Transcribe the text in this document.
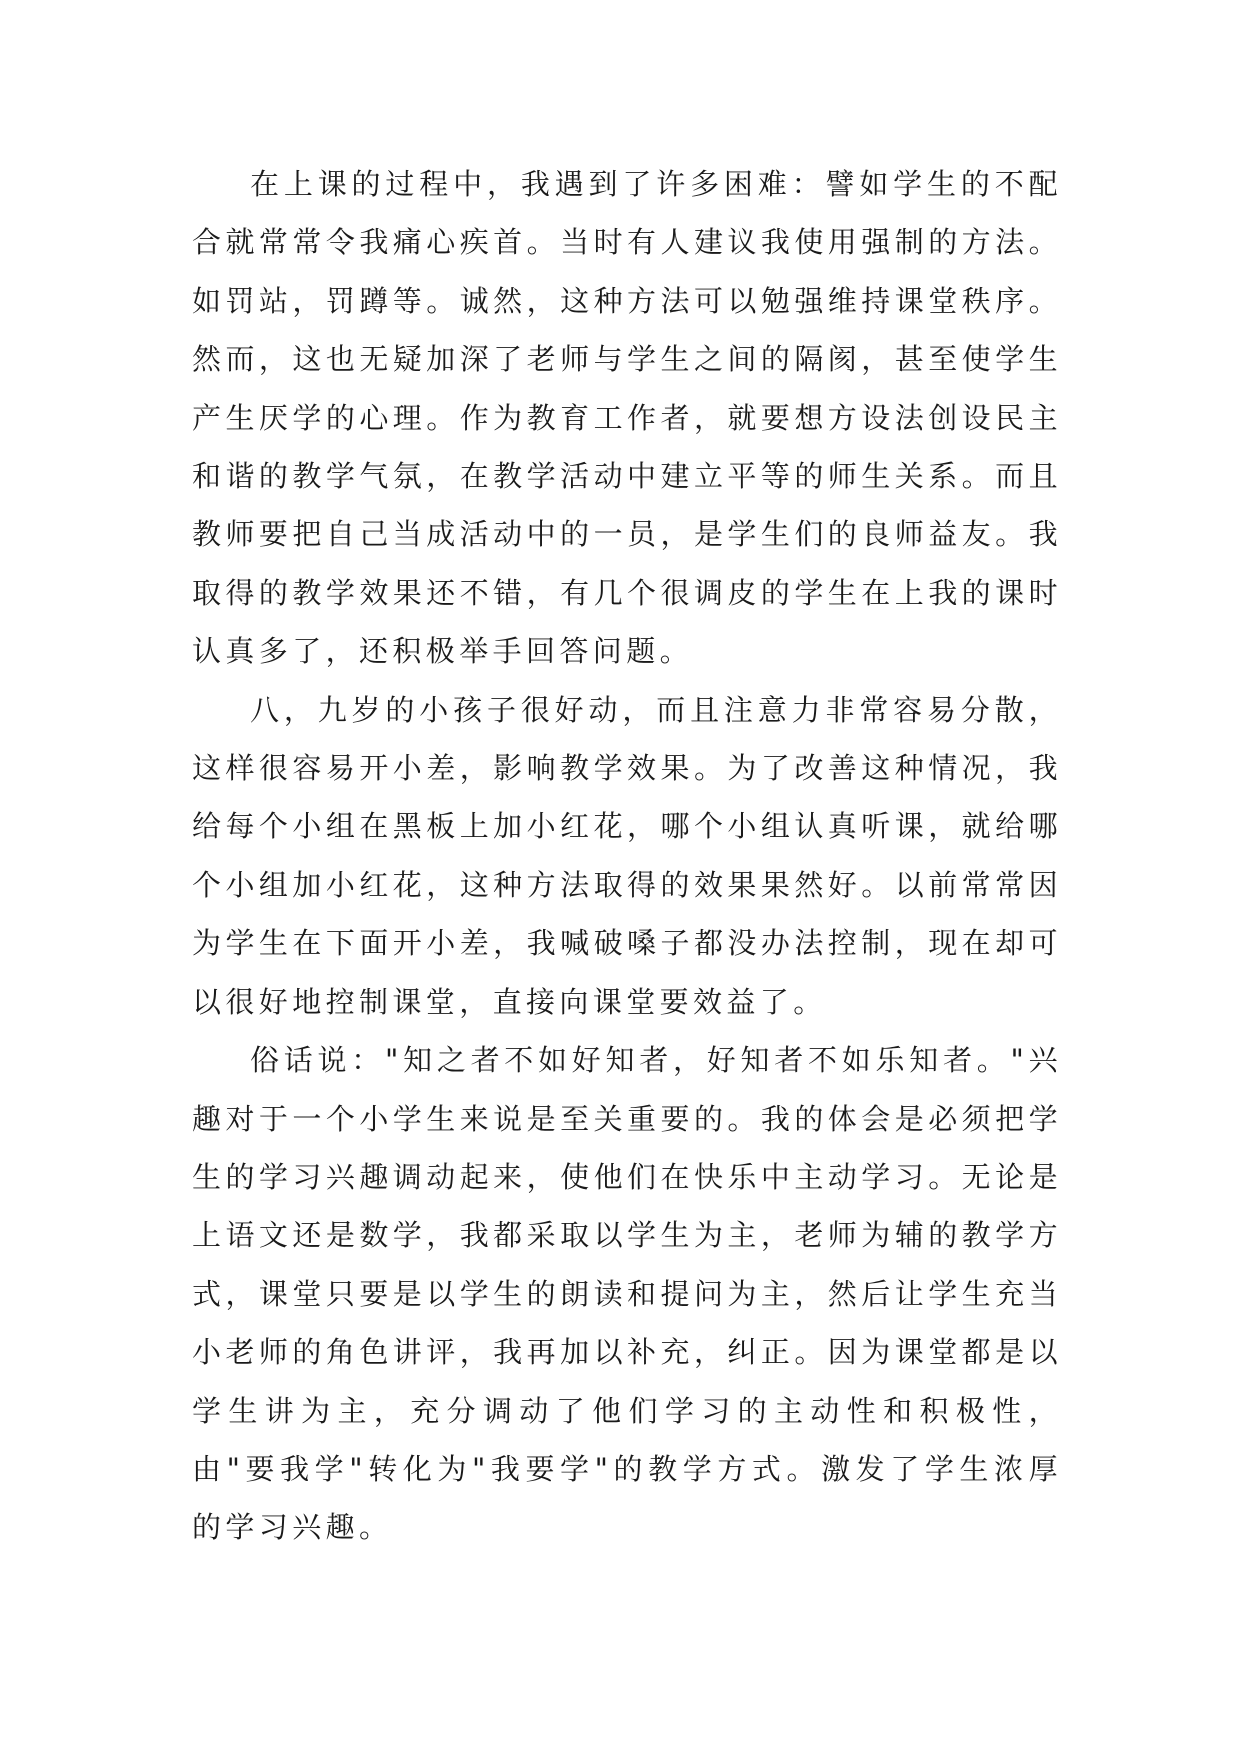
在上课的过程中，我遇到了许多困难：譬如学生的不配合就常常令我痛心疾首。当时有人建议我使用强制的方法。如罚站，罚蹲等。诚然，这种方法可以勉强维持课堂秩序。然而，这也无疑加深了老师与学生之间的隔阂，甚至使学生产生厌学的心理。作为教育工作者，就要想方设法创设民主和谐的教学气氛，在教学活动中建立平等的师生关系。而且教师要把自己当成活动中的一员，是学生们的良师益友。我取得的教学效果还不错，有几个很调皮的学生在上我的课时认真多了，还积极举手回答问题。

八，九岁的小孩子很好动，而且注意力非常容易分散，这样很容易开小差，影响教学效果。为了改善这种情况，我给每个小组在黑板上加小红花，哪个小组认真听课，就给哪个小组加小红花，这种方法取得的效果果然好。以前常常因为学生在下面开小差，我喊破嗓子都没办法控制，现在却可以很好地控制课堂，直接向课堂要效益了。

俗话说："知之者不如好知者，好知者不如乐知者。"兴趣对于一个小学生来说是至关重要的。我的体会是必须把学生的学习兴趣调动起来，使他们在快乐中主动学习。无论是上语文还是数学，我都采取以学生为主，老师为辅的教学方式，课堂只要是以学生的朗读和提问为主，然后让学生充当小老师的角色讲评，我再加以补充，纠正。因为课堂都是以学生讲为主，充分调动了他们学习的主动性和积极性，由"要我学"转化为"我要学"的教学方式。激发了学生浓厚的学习兴趣。
